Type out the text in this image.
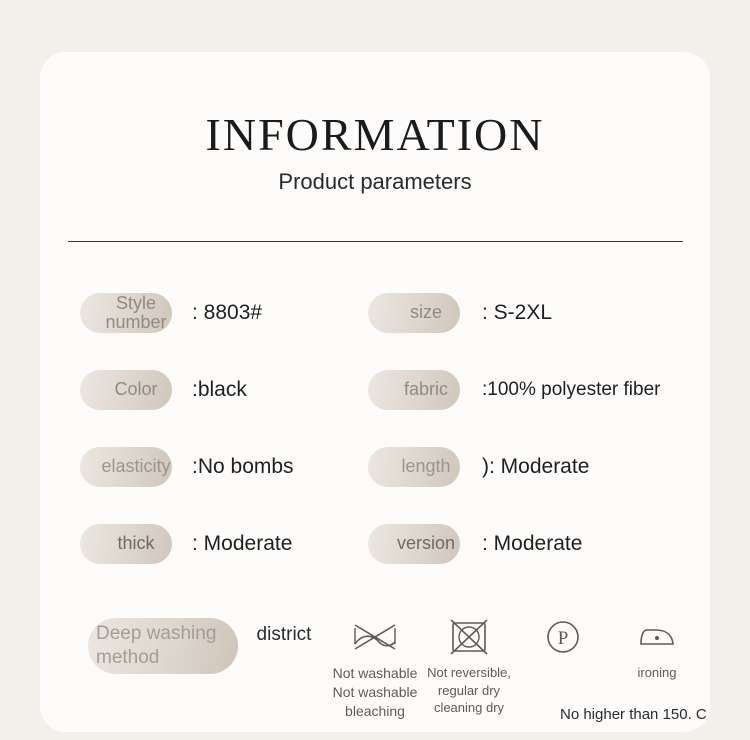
INFORMATION
Product parameters
Style number	: 8803#	size	: S-2XL
Color	:black	fabric	:100% polyester fiber
elasticity	:No bombs	length	): Moderate
thick	: Moderate	version	: Moderate
Deep washing method
district
Not washable Not washable bleaching
Not reversible, regular dry cleaning dry
P
ironing
No higher than 150. C
